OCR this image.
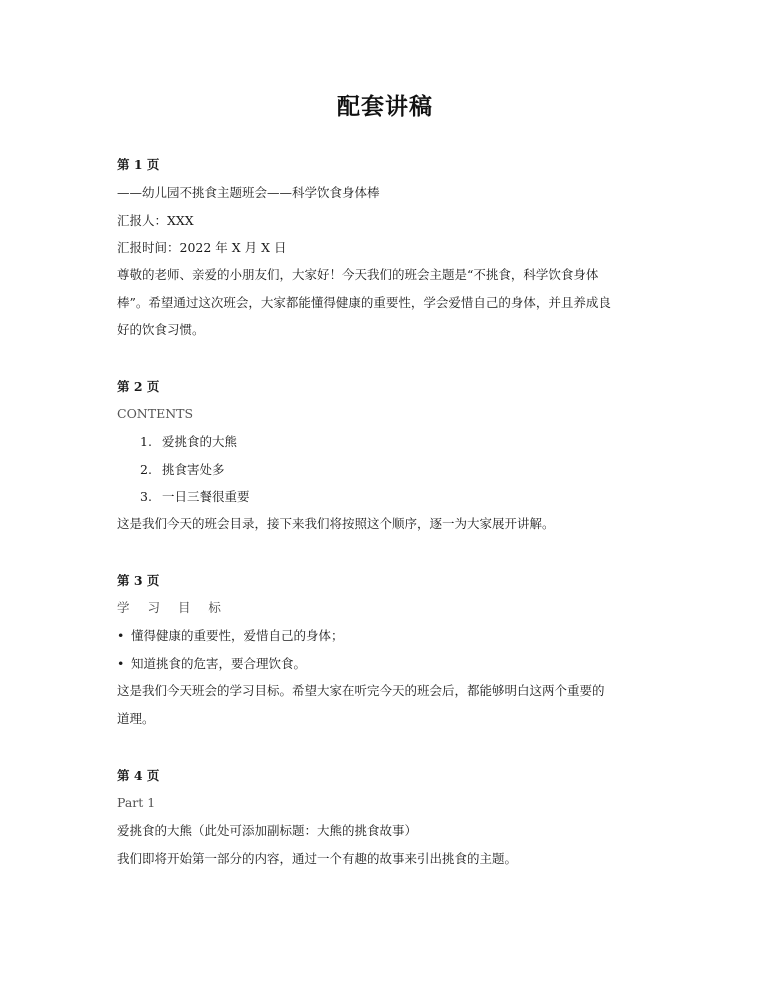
配套讲稿
第 1 页
——幼儿园不挑食主题班会——科学饮食身体棒
汇报人：XXX
汇报时间：2022 年 X 月 X 日
尊敬的老师、亲爱的小朋友们，大家好！今天我们的班会主题是“不挑食，科学饮食身体
棒”。希望通过这次班会，大家都能懂得健康的重要性，学会爱惜自己的身体，并且养成良
好的饮食习惯。
第 2 页
CONTENTS
1. 爱挑食的大熊
2. 挑食害处多
3. 一日三餐很重要
这是我们今天的班会目录，接下来我们将按照这个顺序，逐一为大家展开讲解。
第 3 页
学 习 目 标
• 懂得健康的重要性，爱惜自己的身体；
• 知道挑食的危害，要合理饮食。
这是我们今天班会的学习目标。希望大家在听完今天的班会后，都能够明白这两个重要的
道理。
第 4 页
Part 1
爱挑食的大熊（此处可添加副标题：大熊的挑食故事）
我们即将开始第一部分的内容，通过一个有趣的故事来引出挑食的主题。
